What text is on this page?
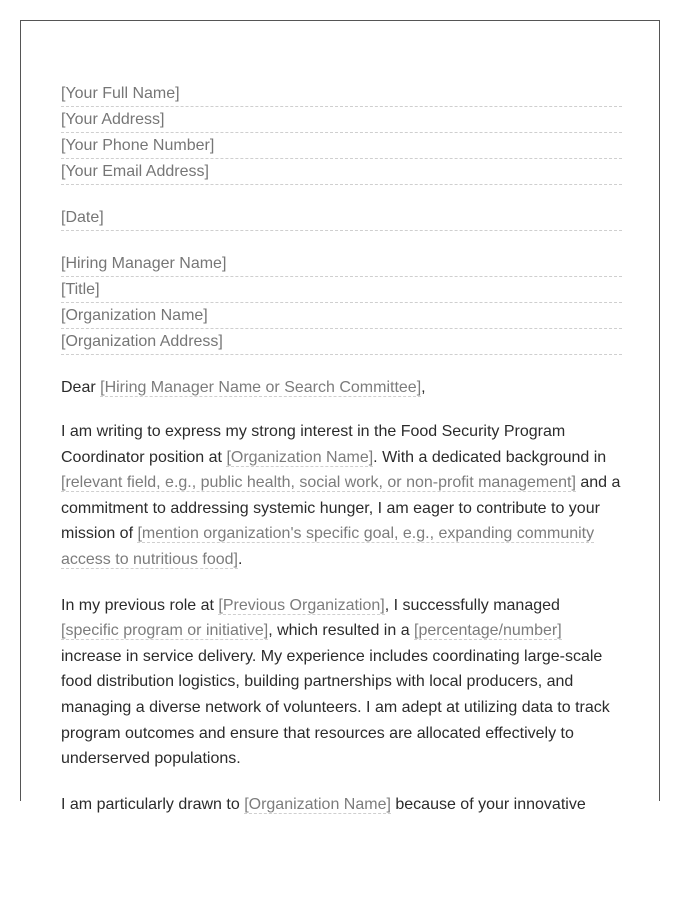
[Your Full Name]
[Your Address]
[Your Phone Number]
[Your Email Address]
[Date]
[Hiring Manager Name]
[Title]
[Organization Name]
[Organization Address]
Dear [Hiring Manager Name or Search Committee],
I am writing to express my strong interest in the Food Security Program Coordinator position at [Organization Name]. With a dedicated background in [relevant field, e.g., public health, social work, or non-profit management] and a commitment to addressing systemic hunger, I am eager to contribute to your mission of [mention organization's specific goal, e.g., expanding community access to nutritious food].
In my previous role at [Previous Organization], I successfully managed [specific program or initiative], which resulted in a [percentage/number] increase in service delivery. My experience includes coordinating large-scale food distribution logistics, building partnerships with local producers, and managing a diverse network of volunteers. I am adept at utilizing data to track program outcomes and ensure that resources are allocated effectively to underserved populations.
I am particularly drawn to [Organization Name] because of your innovative
